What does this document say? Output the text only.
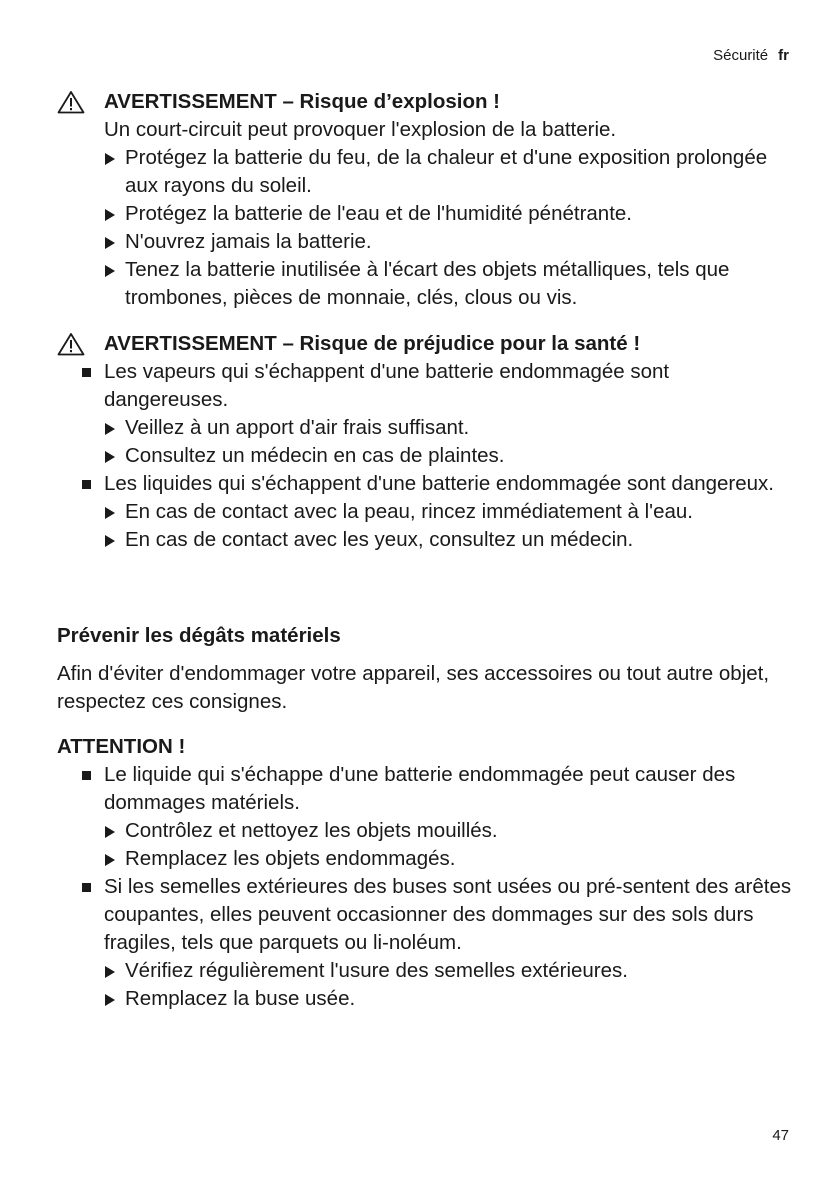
Sécurité fr
AVERTISSEMENT – Risque d’explosion !
Un court-circuit peut provoquer l'explosion de la batterie.
Protégez la batterie du feu, de la chaleur et d'une exposition prolongée aux rayons du soleil.
Protégez la batterie de l'eau et de l'humidité pénétrante.
N'ouvrez jamais la batterie.
Tenez la batterie inutilisée à l'écart des objets métalliques, tels que trombones, pièces de monnaie, clés, clous ou vis.
AVERTISSEMENT – Risque de préjudice pour la santé !
Les vapeurs qui s'échappent d'une batterie endommagée sont dangereuses.
Veillez à un apport d'air frais suffisant.
Consultez un médecin en cas de plaintes.
Les liquides qui s'échappent d'une batterie endommagée sont dangereux.
En cas de contact avec la peau, rincez immédiatement à l'eau.
En cas de contact avec les yeux, consultez un médecin.
Prévenir les dégâts matériels
Afin d'éviter d'endommager votre appareil, ses accessoires ou tout autre objet, respectez ces consignes.
ATTENTION !
Le liquide qui s'échappe d'une batterie endommagée peut causer des dommages matériels.
Contrôlez et nettoyez les objets mouillés.
Remplacez les objets endommagés.
Si les semelles extérieures des buses sont usées ou pré-sentent des arêtes coupantes, elles peuvent occasionner des dommages sur des sols durs fragiles, tels que parquets ou li-noléum.
Vérifiez régulièrement l'usure des semelles extérieures.
Remplacez la buse usée.
47
